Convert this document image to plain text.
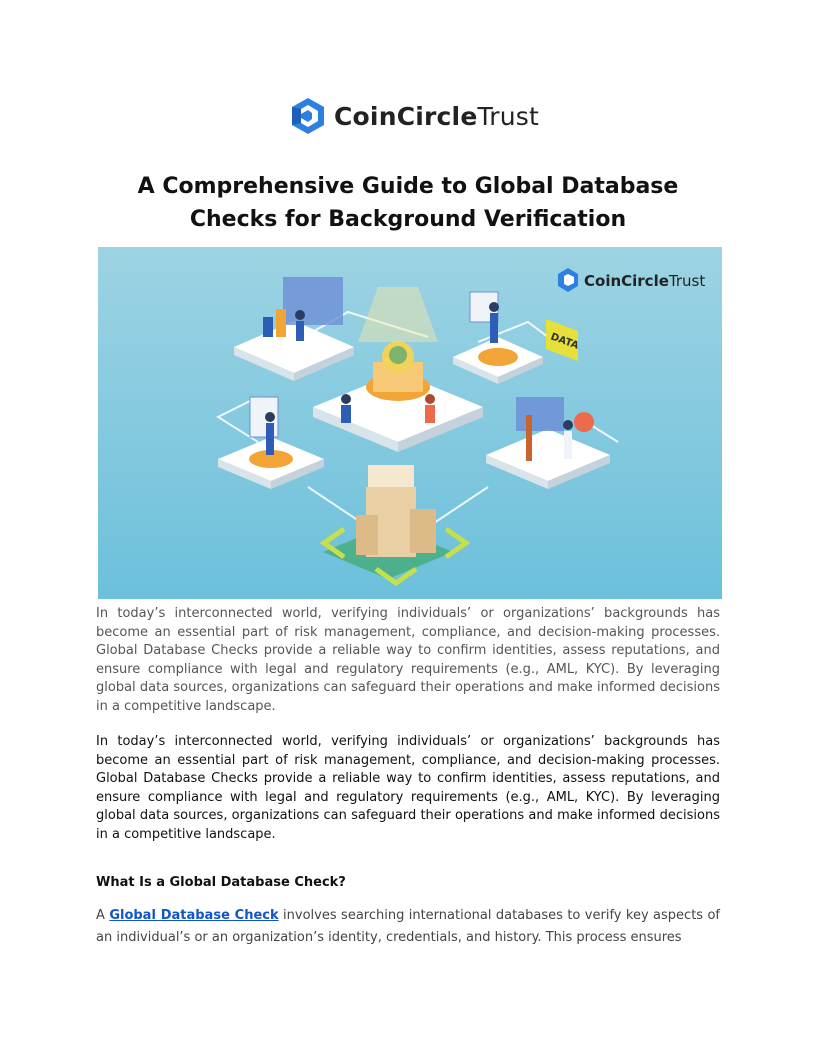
CoinCircleTrust
A Comprehensive Guide to Global Database
Checks for Background Verification
DATA
CoinCircleTrust
In today’s interconnected world, verifying individuals’ or organizations’ backgrounds has become an essential part of risk management, compliance, and decision-making processes. Global Database Checks provide a reliable way to confirm identities, assess reputations, and ensure compliance with legal and regulatory requirements (e.g., AML, KYC). By leveraging global data sources, organizations can safeguard their operations and make informed decisions in a competitive landscape.
In today’s interconnected world, verifying individuals’ or organizations’ backgrounds has become an essential part of risk management, compliance, and decision-making processes. Global Database Checks provide a reliable way to confirm identities, assess reputations, and ensure compliance with legal and regulatory requirements (e.g., AML, KYC). By leveraging global data sources, organizations can safeguard their operations and make informed decisions in a competitive landscape.
What Is a Global Database Check?
A Global Database Check involves searching international databases to verify key aspects of an individual’s or an organization’s identity, credentials, and history. This process ensures
